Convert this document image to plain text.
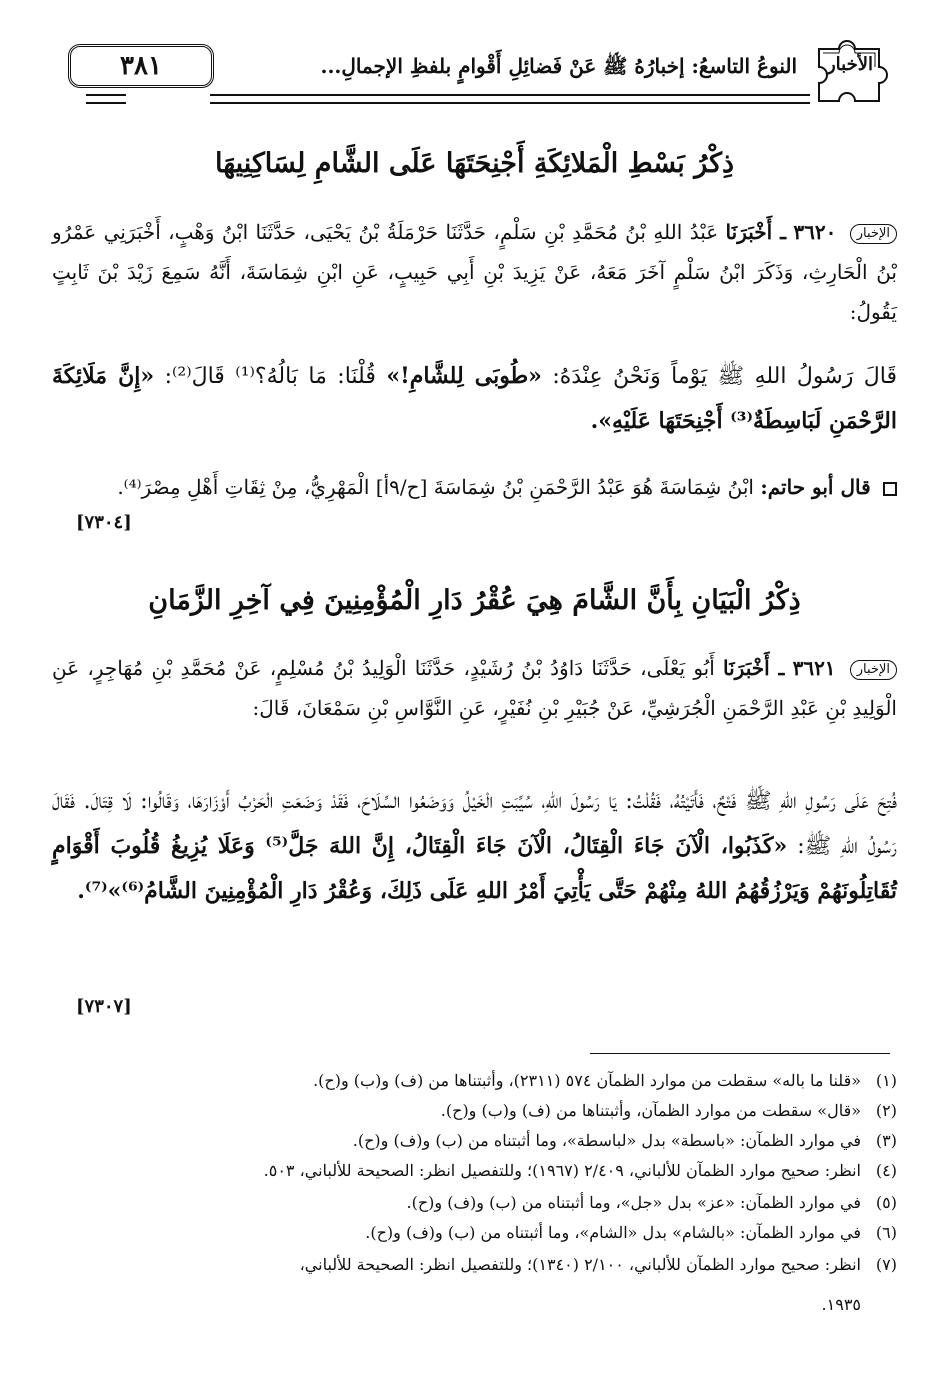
الأخبار
النوعُ التاسعُ: إخبارُهُ ﷺ عَنْ فَضائِلِ أَقْوامٍ بلفظِ الإجمالِ...
٣٨١
ذِكْرُ بَسْطِ الْمَلائِكَةِ أَجْنِحَتَهَا عَلَى الشَّامِ لِسَاكِنِيهَا

الإخبار ٣٦٢٠ ـ أَخْبَرَنَا عَبْدُ اللهِ بْنُ مُحَمَّدِ بْنِ سَلْمٍ، حَدَّثَنَا حَرْمَلَةُ بْنُ يَحْيَى، حَدَّثَنَا ابْنُ وَهْبٍ، أَخْبَرَنِي عَمْرُو بْنُ الْحَارِثِ، وَذَكَرَ ابْنُ سَلْمٍ آخَرَ مَعَهُ، عَنْ يَزِيدَ بْنِ أَبِي حَبِيبٍ، عَنِ ابْنِ شِمَاسَةَ، أَنَّهُ سَمِعَ زَيْدَ بْنَ ثَابِتٍ يَقُولُ:

قَالَ رَسُولُ اللهِ ﷺ يَوْماً وَنَحْنُ عِنْدَهُ: «طُوبَى لِلشَّامِ!» قُلْنَا: مَا بَالُهُ؟⁽¹⁾ قَالَ⁽²⁾: «إِنَّ مَلَائِكَةَ الرَّحْمَنِ لَبَاسِطَةٌ⁽³⁾ أَجْنِحَتَهَا عَلَيْهِ».

قال أبو حاتم: ابْنُ شِمَاسَةَ هُوَ عَبْدُ الرَّحْمَنِ بْنُ شِمَاسَةَ [ح/٩أ] الْمَهْرِيُّ، مِنْ ثِقَاتِ أَهْلِ مِصْرَ⁽⁴⁾.

[٧٣٠٤]
ذِكْرُ الْبَيَانِ بِأَنَّ الشَّامَ هِيَ عُقْرُ دَارِ الْمُؤْمِنِينَ فِي آخِرِ الزَّمَانِ

الإخبار ٣٦٢١ ـ أَخْبَرَنَا أَبُو يَعْلَى، حَدَّثَنَا دَاوُدُ بْنُ رُشَيْدٍ، حَدَّثَنَا الْوَلِيدُ بْنُ مُسْلِمٍ، عَنْ مُحَمَّدِ بْنِ مُهَاجِرٍ، عَنِ الْوَلِيدِ بْنِ عَبْدِ الرَّحْمَنِ الْجُرَشِيِّ، عَنْ جُبَيْرِ بْنِ نُفَيْرٍ، عَنِ النَّوَّاسِ بْنِ سَمْعَانَ، قَالَ:

فُتِحَ عَلَى رَسُولِ اللهِ ﷺ فَتْحٌ، فَأَتَيْتُهُ، فَقُلْتُ: يَا رَسُولَ اللهِ، سُيِّبَتِ الْخَيْلُ وَوَضَعُوا السِّلَاحَ، فَقَدْ وَضَعَتِ الْحَرْبُ أَوْزَارَهَا، وَقَالُوا: لَا قِتَالَ. فَقَالَ رَسُولُ اللهِ ﷺ: «كَذَبُوا، الْآنَ جَاءَ الْقِتَالُ، الْآنَ جَاءَ الْقِتَالُ، إِنَّ اللهَ جَلَّ⁽⁵⁾ وَعَلَا يُزِيغُ قُلُوبَ أَقْوَامٍ تُقَاتِلُونَهُمْ وَيَرْزُقُهُمُ اللهُ مِنْهُمْ حَتَّى يَأْتِيَ أَمْرُ اللهِ عَلَى ذَلِكَ، وَعُقْرُ دَارِ الْمُؤْمِنِينَ الشَّامُ⁽⁶⁾»⁽⁷⁾.

[٧٣٠٧]

(١)«قلنا ما باله» سقطت من موارد الظمآن ٥٧٤ (٢٣١١)، وأثبتناها من (ف) و(ب) و(ح).

(٢)«قال» سقطت من موارد الظمآن، وأثبتناها من (ف) و(ب) و(ح).

(٣)في موارد الظمآن: «باسطة» بدل «لباسطة»، وما أثبتناه من (ب) و(ف) و(ح).

(٤)انظر: صحيح موارد الظمآن للألباني، ٢/٤٠٩ (١٩٦٧)؛ وللتفصيل انظر: الصحيحة للألباني، ٥٠٣.

(٥)في موارد الظمآن: «عز» بدل «جل»، وما أثبتناه من (ب) و(ف) و(ح).

(٦)في موارد الظمآن: «بالشام» بدل «الشام»، وما أثبتناه من (ب) و(ف) و(ح).

(٧)انظر: صحيح موارد الظمآن للألباني، ٢/١٠٠ (١٣٤٠)؛ وللتفصيل انظر: الصحيحة للألباني،

١٩٣٥.
